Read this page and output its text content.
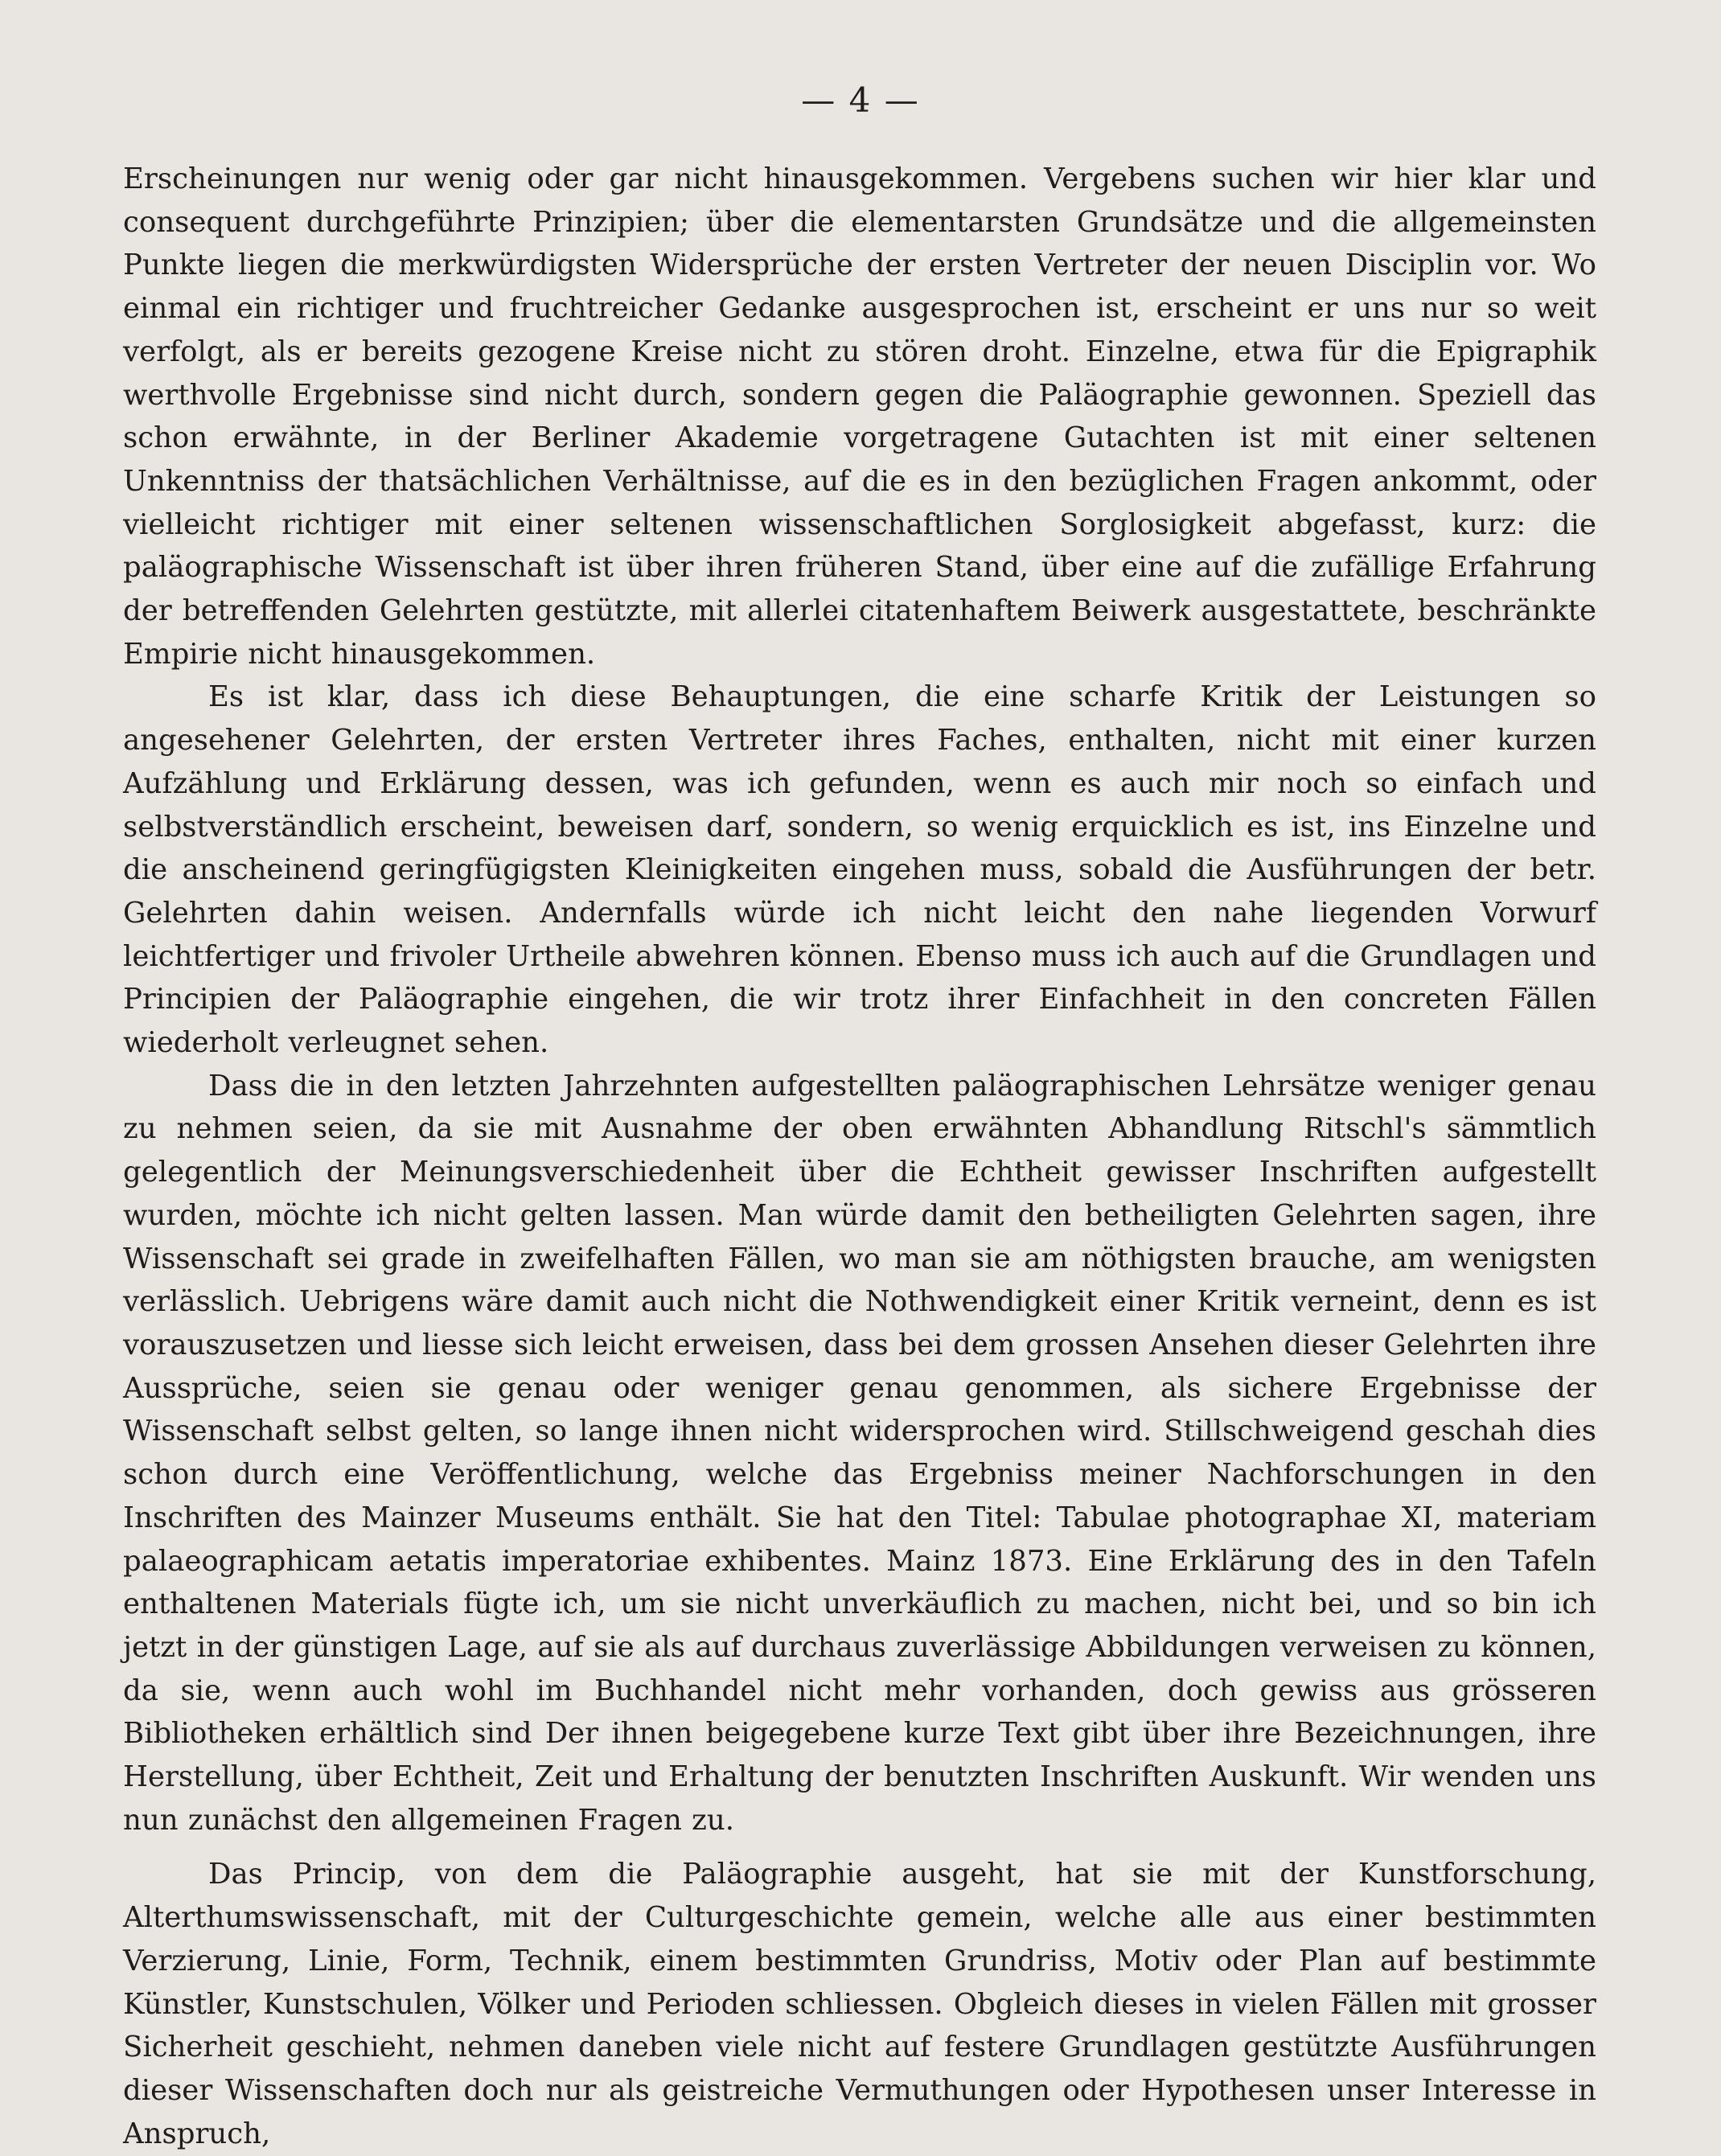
— 4 —

Erscheinungen nur wenig oder gar nicht hinausgekommen. Vergebens suchen wir hier klar und consequent durchgeführte Prinzipien; über die elementarsten Grundsätze und die allgemeinsten Punkte liegen die merkwürdigsten Widersprüche der ersten Vertreter der neuen Disciplin vor. Wo einmal ein richtiger und fruchtreicher Gedanke ausgesprochen ist, erscheint er uns nur so weit verfolgt, als er bereits gezogene Kreise nicht zu stören droht. Einzelne, etwa für die Epigraphik werthvolle Ergebnisse sind nicht durch, sondern gegen die Paläographie gewonnen. Speziell das schon erwähnte, in der Berliner Akademie vorgetragene Gutachten ist mit einer seltenen Unkenntniss der thatsächlichen Verhältnisse, auf die es in den bezüglichen Fragen ankommt, oder vielleicht richtiger mit einer seltenen wissenschaftlichen Sorglosigkeit abgefasst, kurz: die paläographische Wissenschaft ist über ihren früheren Stand, über eine auf die zufällige Erfahrung der betreffenden Gelehrten gestützte, mit allerlei citatenhaftem Beiwerk ausgestattete, beschränkte Empirie nicht hinausgekommen.

Es ist klar, dass ich diese Behauptungen, die eine scharfe Kritik der Leistungen so angesehener Gelehrten, der ersten Vertreter ihres Faches, enthalten, nicht mit einer kurzen Aufzählung und Erklärung dessen, was ich gefunden, wenn es auch mir noch so einfach und selbstverständlich erscheint, beweisen darf, sondern, so wenig erquicklich es ist, ins Einzelne und die anscheinend geringfügigsten Kleinigkeiten eingehen muss, sobald die Ausführungen der betr. Gelehrten dahin weisen. Andernfalls würde ich nicht leicht den nahe liegenden Vorwurf leichtfertiger und frivoler Urtheile abwehren können. Ebenso muss ich auch auf die Grundlagen und Principien der Paläographie eingehen, die wir trotz ihrer Einfachheit in den concreten Fällen wiederholt verleugnet sehen.

Dass die in den letzten Jahrzehnten aufgestellten paläographischen Lehrsätze weniger genau zu nehmen seien, da sie mit Ausnahme der oben erwähnten Abhandlung Ritschl's sämmtlich gelegentlich der Meinungsverschiedenheit über die Echtheit gewisser Inschriften aufgestellt wurden, möchte ich nicht gelten lassen. Man würde damit den betheiligten Gelehrten sagen, ihre Wissenschaft sei grade in zweifelhaften Fällen, wo man sie am nöthigsten brauche, am wenigsten verlässlich. Uebrigens wäre damit auch nicht die Nothwendigkeit einer Kritik verneint, denn es ist vorauszusetzen und liesse sich leicht erweisen, dass bei dem grossen Ansehen dieser Gelehrten ihre Aussprüche, seien sie genau oder weniger genau genommen, als sichere Ergebnisse der Wissenschaft selbst gelten, so lange ihnen nicht widersprochen wird. Stillschweigend geschah dies schon durch eine Veröffentlichung, welche das Ergebniss meiner Nachforschungen in den Inschriften des Mainzer Museums enthält. Sie hat den Titel: Tabulae photographae XI, materiam palaeographicam aetatis imperatoriae exhibentes. Mainz 1873. Eine Erklärung des in den Tafeln enthaltenen Materials fügte ich, um sie nicht unverkäuflich zu machen, nicht bei, und so bin ich jetzt in der günstigen Lage, auf sie als auf durchaus zuverlässige Abbildungen verweisen zu können, da sie, wenn auch wohl im Buchhandel nicht mehr vorhanden, doch gewiss aus grösseren Bibliotheken erhältlich sind Der ihnen beigegebene kurze Text gibt über ihre Bezeichnungen, ihre Herstellung, über Echtheit, Zeit und Erhaltung der benutzten Inschriften Auskunft. Wir wenden uns nun zunächst den allgemeinen Fragen zu.

Das Princip, von dem die Paläographie ausgeht, hat sie mit der Kunstforschung, Alterthumswissenschaft, mit der Culturgeschichte gemein, welche alle aus einer bestimmten Verzierung, Linie, Form, Technik, einem bestimmten Grundriss, Motiv oder Plan auf bestimmte Künstler, Kunstschulen, Völker und Perioden schliessen. Obgleich dieses in vielen Fällen mit grosser Sicherheit geschieht, nehmen daneben viele nicht auf festere Grundlagen gestützte Ausführungen dieser Wissenschaften doch nur als geistreiche Vermuthungen oder Hypothesen unser Interesse in Anspruch,
